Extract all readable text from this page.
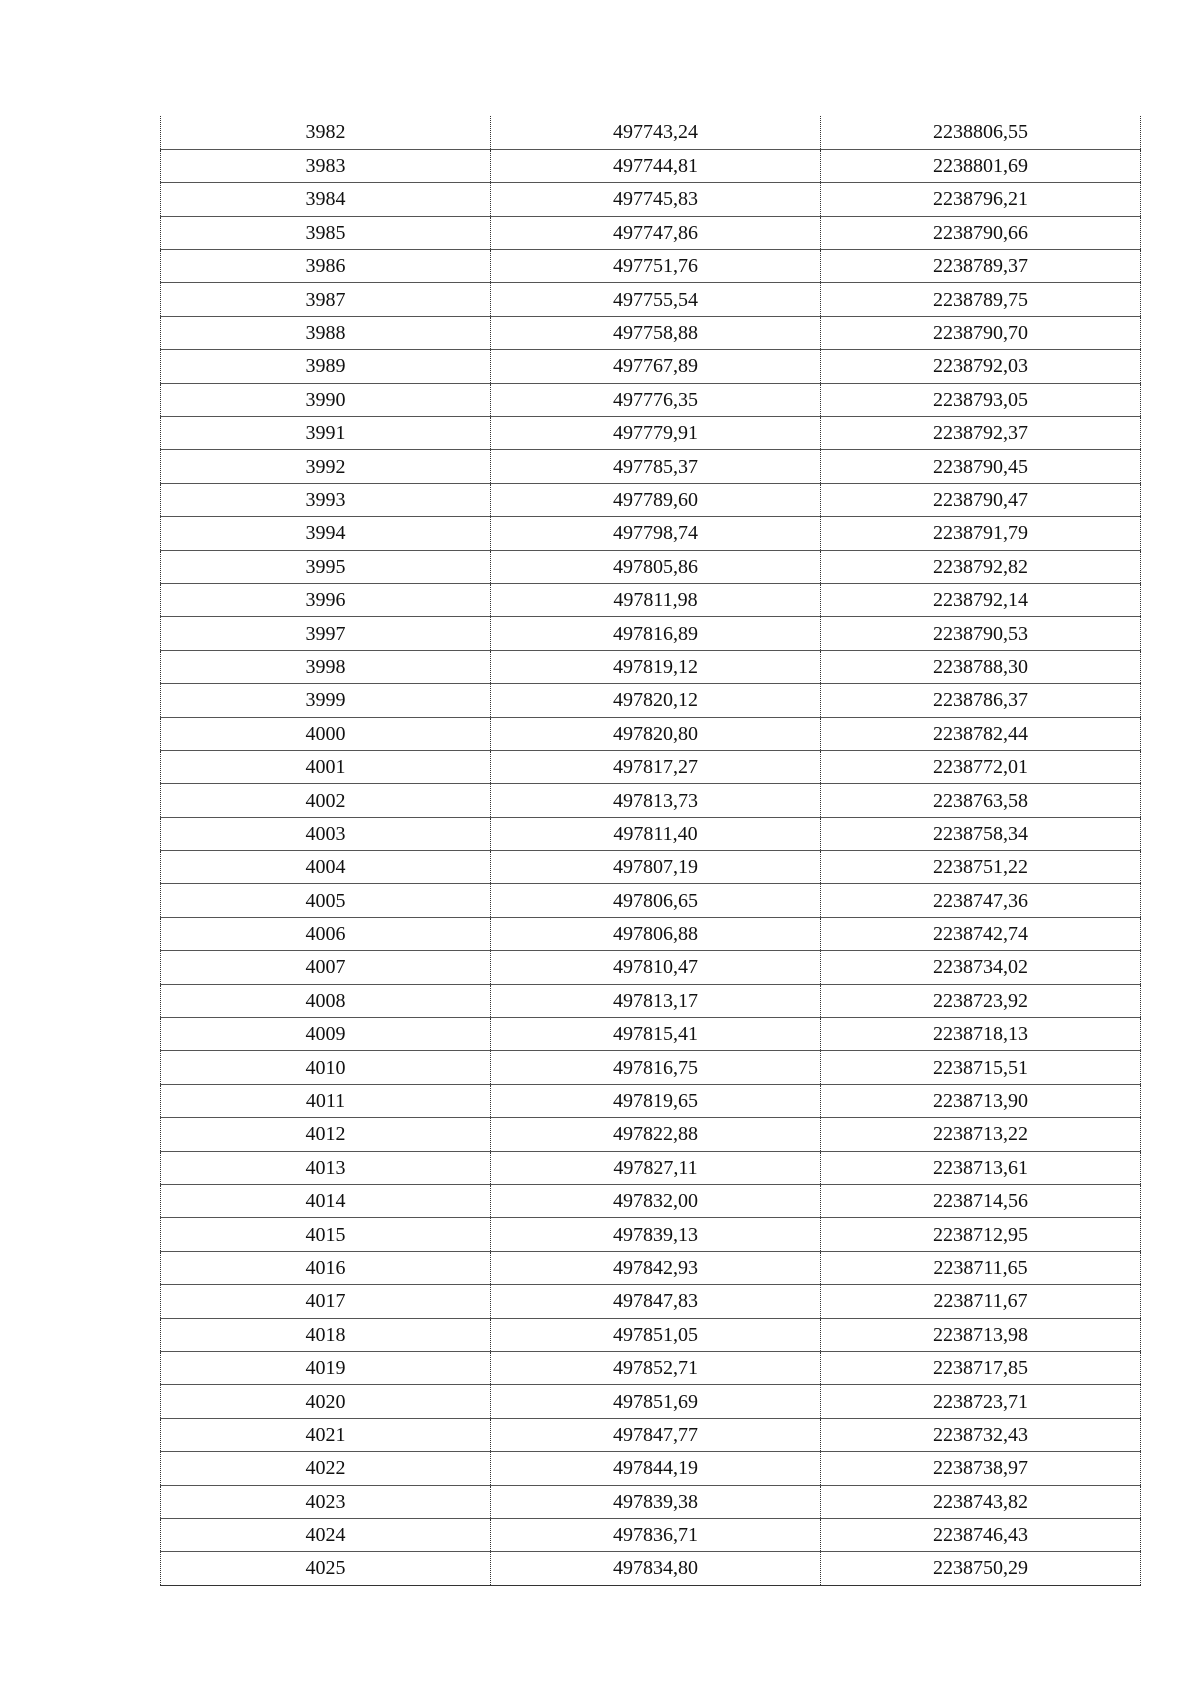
3982	497743,24	2238806,55
3983	497744,81	2238801,69
3984	497745,83	2238796,21
3985	497747,86	2238790,66
3986	497751,76	2238789,37
3987	497755,54	2238789,75
3988	497758,88	2238790,70
3989	497767,89	2238792,03
3990	497776,35	2238793,05
3991	497779,91	2238792,37
3992	497785,37	2238790,45
3993	497789,60	2238790,47
3994	497798,74	2238791,79
3995	497805,86	2238792,82
3996	497811,98	2238792,14
3997	497816,89	2238790,53
3998	497819,12	2238788,30
3999	497820,12	2238786,37
4000	497820,80	2238782,44
4001	497817,27	2238772,01
4002	497813,73	2238763,58
4003	497811,40	2238758,34
4004	497807,19	2238751,22
4005	497806,65	2238747,36
4006	497806,88	2238742,74
4007	497810,47	2238734,02
4008	497813,17	2238723,92
4009	497815,41	2238718,13
4010	497816,75	2238715,51
4011	497819,65	2238713,90
4012	497822,88	2238713,22
4013	497827,11	2238713,61
4014	497832,00	2238714,56
4015	497839,13	2238712,95
4016	497842,93	2238711,65
4017	497847,83	2238711,67
4018	497851,05	2238713,98
4019	497852,71	2238717,85
4020	497851,69	2238723,71
4021	497847,77	2238732,43
4022	497844,19	2238738,97
4023	497839,38	2238743,82
4024	497836,71	2238746,43
4025	497834,80	2238750,29
